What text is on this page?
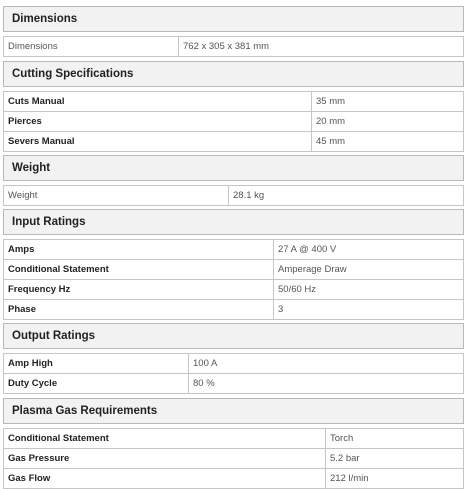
Dimensions
Dimensions	762 x 305 x 381 mm
Cutting Specifications
Cuts Manual	35 mm
Pierces	20 mm
Severs Manual	45 mm
Weight
Weight	28.1 kg
Input Ratings
Amps	27 A @ 400 V
Conditional Statement	Amperage Draw
Frequency Hz	50/60 Hz
Phase	3
Output Ratings
Amp High	100 A
Duty Cycle	80 %
Plasma Gas Requirements
Conditional Statement	Torch
Gas Pressure	5.2 bar
Gas Flow	212 l/min
